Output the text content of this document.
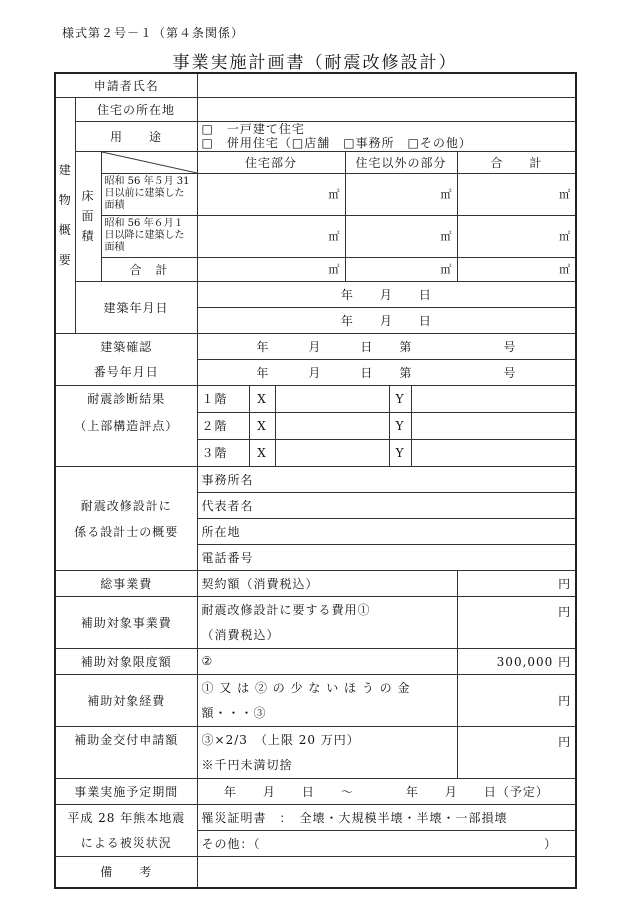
様式第２号－１（第４条関係）
事業実施計画書（耐震改修設計）
申請者氏名									
建物概要	住宅の所在地								
	用　　途		□　一戸建て住宅
□　併用住宅（□店舗　□事務所　□その他）						

	床面積		住宅部分			住宅以外の部分			合　　計
		昭和 56 年５月 31 日以前に建築した面積	㎡			㎡			㎡
		昭和 56 年６月１日以降に建築した面積	㎡			㎡			㎡
		合　計	㎡			㎡			㎡
	建築年月日		年　　月　　日						
			年　　月　　日						
建築確認			年　　　月　　　日　　第　　　　　　　号						
番号年月日			年　　　月　　　日　　第　　　　　　　号						
耐震診断結果			１階	X			Y		
（上部構造評点）			２階	X			Y		
			３階	X			Y		
			事務所名						
耐震改修設計に			代表者名						
係る設計士の概要			所在地						
			電話番号						
総事業費			契約額（消費税込）						円
補助対象事業費			耐震改修設計に要する費用①						円
			（消費税込）						
補助対象限度額			②						300,000 円
補助対象経費			① 又 は ② の 少 な い ほ う の 金						円
			額・・・③						
補助金交付申請額			③×2/3　（上限 20 万円）						円
			※千円未満切捨						
事業実施予定期間			年　　月　　日　　～　　　　年　　月　　日（予定）						
平成 28 年熊本地震			罹災証明書　：　全壊・大規模半壊・半壊・一部損壊						
による被災状況			その他：（ ）						

備　　考									
